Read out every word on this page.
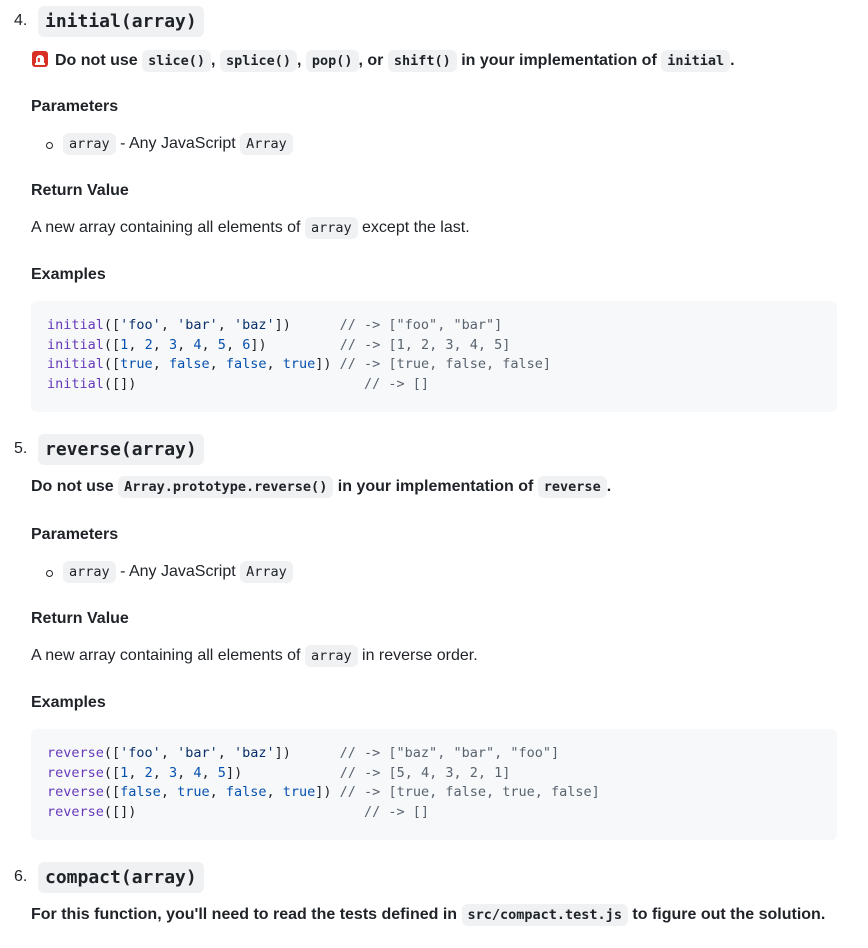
4. initial(array)
Do not use slice() , splice() , pop() , or shift() in your implementation of initial .
Parameters
array - Any JavaScript Array
Return Value
A new array containing all elements of array except the last.
Examples
initial(['foo', 'bar', 'baz'])      // -> ["foo", "bar"]
initial([1, 2, 3, 4, 5, 6])         // -> [1, 2, 3, 4, 5]
initial([true, false, false, true]) // -> [true, false, false]
initial([])                            // -> []
5. reverse(array)
Do not use Array.prototype.reverse() in your implementation of reverse .
Parameters
array - Any JavaScript Array
Return Value
A new array containing all elements of array in reverse order.
Examples
reverse(['foo', 'bar', 'baz'])      // -> ["baz", "bar", "foo"]
reverse([1, 2, 3, 4, 5])            // -> [5, 4, 3, 2, 1]
reverse([false, true, false, true]) // -> [true, false, true, false]
reverse([])                            // -> []
6. compact(array)
For this function, you'll need to read the tests defined in src/compact.test.js to figure out the solution.
